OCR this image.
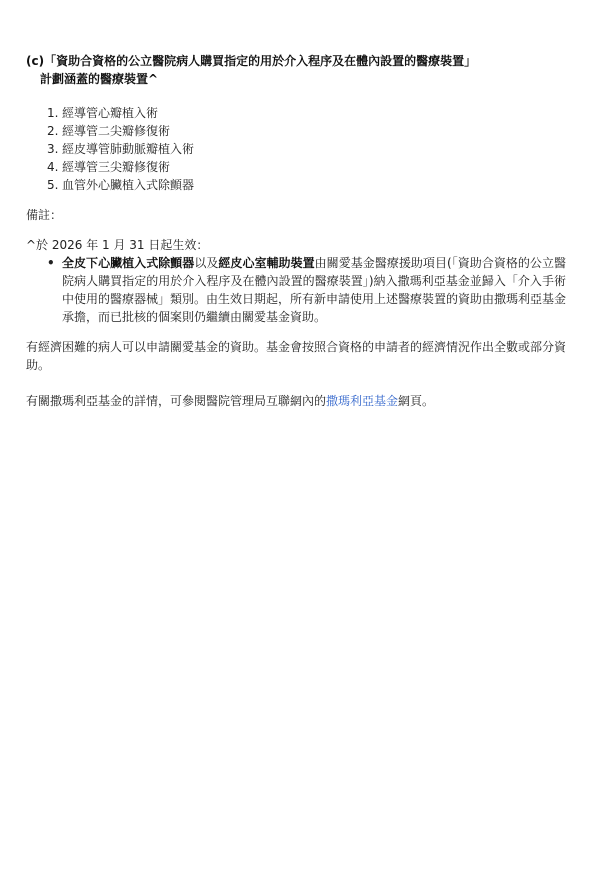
(c)「資助合資格的公立醫院病人購買指定的用於介入程序及在體內設置的醫療裝置」
計劃涵蓋的醫療裝置^
經導管心瓣植入術
經導管二尖瓣修復術
經皮導管肺動脈瓣植入術
經導管三尖瓣修復術
血管外心臟植入式除顫器
備註：
^於 2026 年 1 月 31 日起生效：
• 全皮下心臟植入式除顫器以及經皮心室輔助裝置由關愛基金醫療援助項目(「資助合資格的公立醫院病人購買指定的用於介入程序及在體內設置的醫療裝置」)納入撒瑪利亞基金並歸入「介入手術中使用的醫療器械」類別。由生效日期起，所有新申請使用上述醫療裝置的資助由撒瑪利亞基金承擔，而已批核的個案則仍繼續由關愛基金資助。
有經濟困難的病人可以申請關愛基金的資助。基金會按照合資格的申請者的經濟情況作出全數或部分資助。
有關撒瑪利亞基金的詳情，可參閱醫院管理局互聯網內的撒瑪利亞基金網頁。
